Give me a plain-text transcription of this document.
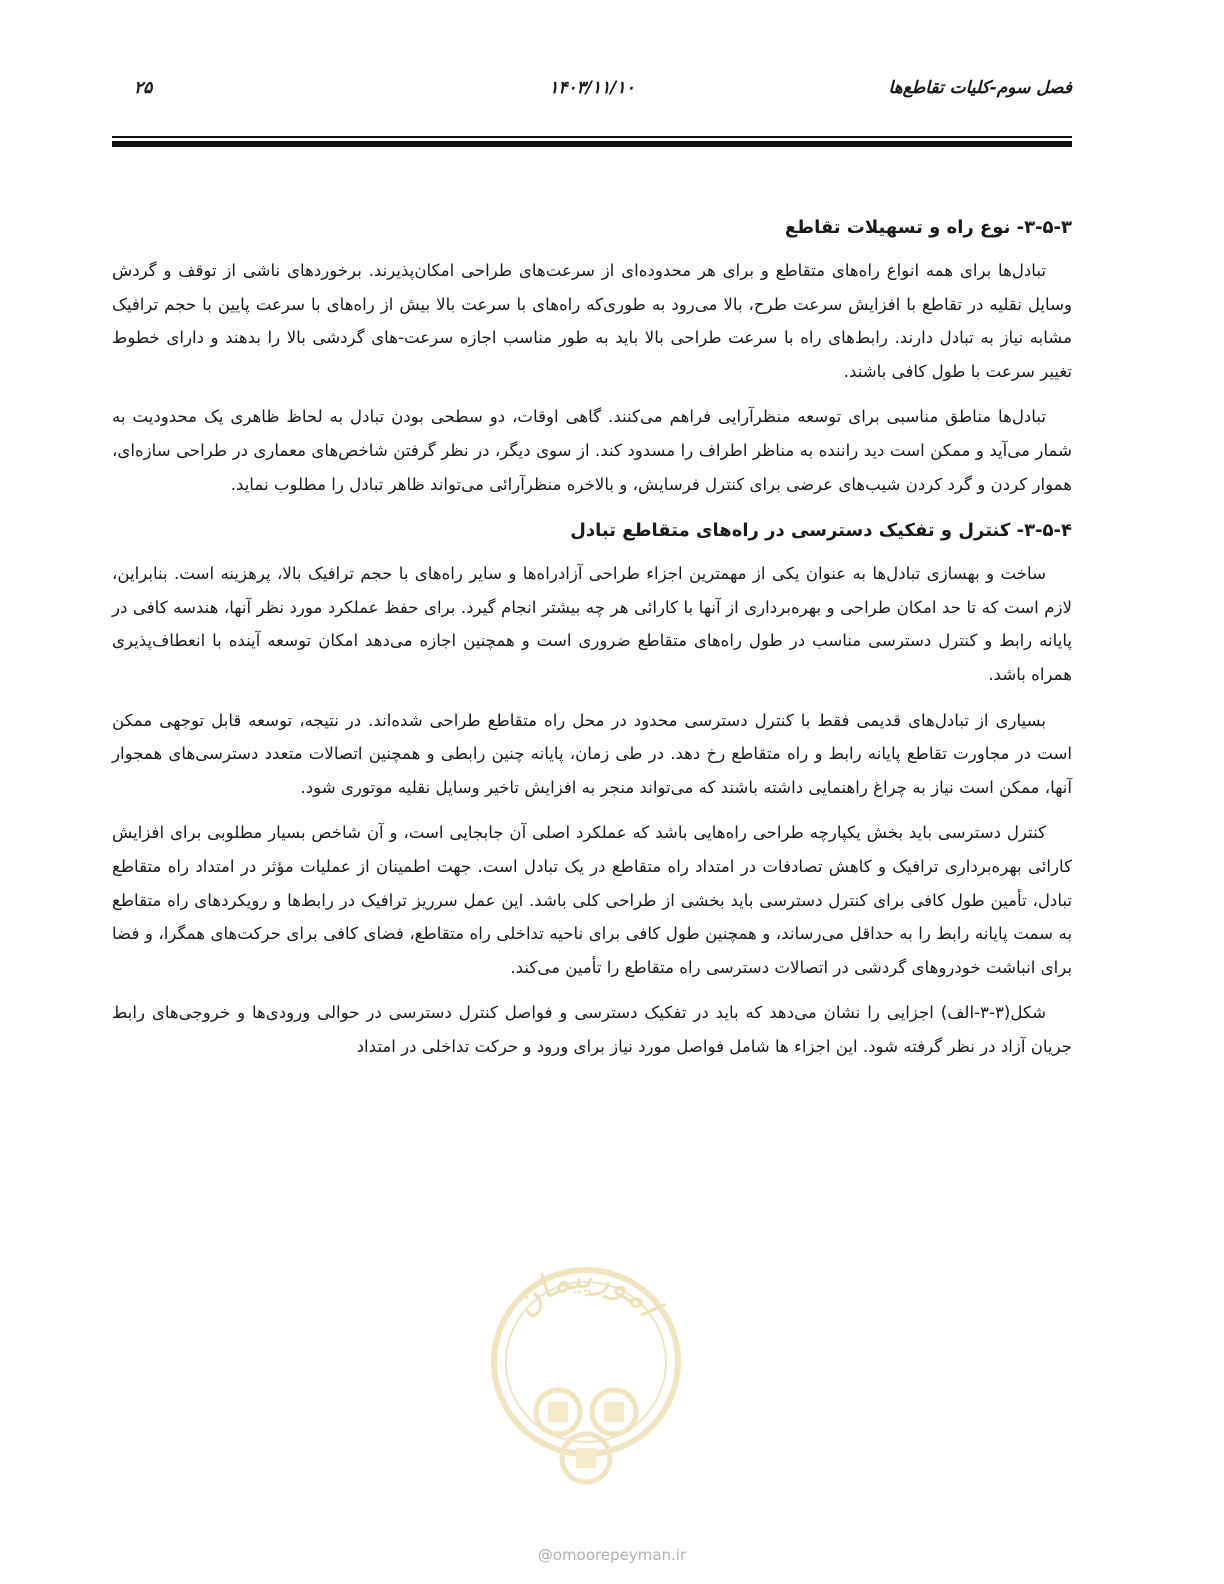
فصل سوم-کلیات تقاطع‌ها
۱۴۰۳/۱۱/۱۰
۲۵
۳-۵-۳- نوع راه و تسهیلات تقاطع

تبادل‌ها برای همه انواع راه‌های متقاطع و برای هر محدوده‌ای از سرعت‌های طراحی امکان‌پذیرند. برخوردهای ناشی از توقف و گردش وسایل نقلیه در تقاطع با افزایش سرعت طرح، بالا می‌رود به طوری‌که راه‌های با سرعت بالا بیش از راه‌های با سرعت پایین با حجم ترافیک مشابه نیاز به تبادل دارند. رابط‌های راه با سرعت طراحی بالا باید به طور مناسب اجازه سرعت-های گردشی بالا را بدهند و دارای خطوط تغییر سرعت با طول کافی باشند.

تبادل‌ها مناطق مناسبی برای توسعه منظرآرایی فراهم می‌کنند. گاهی اوقات، دو سطحی بودن تبادل به لحاظ ظاهری یک محدودیت به شمار می‌آید و ممکن است دید راننده به مناظر اطراف را مسدود کند. از سوی دیگر، در نظر گرفتن شاخص‌های معماری در طراحی سازه‌ای، هموار کردن و گرد کردن شیب‌های عرضی برای کنترل فرسایش، و بالاخره منظرآرائی می‌تواند ظاهر تبادل را مطلوب نماید.

۳-۵-۴- کنترل و تفکیک دسترسی در راه‌های متقاطع تبادل

ساخت و بهسازی تبادل‌ها به عنوان یکی از مهمترین اجزاء طراحی آزادراه‌ها و سایر راه‌های با حجم ترافیک بالا، پرهزینه است. بنابراین، لازم است که تا حد امکان طراحی و بهره‌برداری از آنها با کارائی هر چه بیشتر انجام گیرد. برای حفظ عملکرد مورد نظر آنها، هندسه کافی در پایانه رابط و کنترل دسترسی مناسب در طول راه‌های متقاطع ضروری است و همچنین اجازه می‌دهد امکان توسعه آینده با انعطاف‌پذیری همراه باشد.

بسیاری از تبادل‌های قدیمی فقط با کنترل دسترسی محدود در محل راه متقاطع طراحی شده‌اند. در نتیجه، توسعه قابل توجهی ممکن است در مجاورت تقاطع پایانه رابط و راه متقاطع رخ دهد. در طی زمان، پایانه چنین رابطی و همچنین اتصالات متعدد دسترسی‌های همجوار آنها، ممکن است نیاز به چراغ راهنمایی داشته باشند که می‌تواند منجر به افزایش تاخیر وسایل نقلیه موتوری شود.

کنترل دسترسی باید بخش یکپارچه طراحی راه‌هایی باشد که عملکرد اصلی آن جابجایی است، و آن شاخص بسیار مطلوبی برای افزایش کارائی بهره‌برداری ترافیک و کاهش تصادفات در امتداد راه متقاطع در یک تبادل است. جهت اطمینان از عملیات مؤثر در امتداد راه متقاطع تبادل، تأمین طول کافی برای کنترل دسترسی باید بخشی از طراحی کلی باشد. این عمل سرریز ترافیک در رابط‌ها و رویکردهای راه متقاطع به سمت پایانه رابط را به حداقل می‌رساند، و همچنین طول کافی برای ناحیه تداخلی راه متقاطع، فضای کافی برای حرکت‌های همگرا، و فضا برای انباشت خودروهای گردشی در اتصالات دسترسی راه متقاطع را تأمین می‌کند.

شکل(۳-۳-الف) اجزایی را نشان می‌دهد که باید در تفکیک دسترسی و فواصل کنترل دسترسی در حوالی ورودی‌ها و خروجی‌های رابط جریان آزاد در نظر گرفته شود. این اجزاء ها شامل فواصل مورد نیاز برای ورود و حرکت تداخلی در امتداد

امورپیمان
@omoorepeyman.ir
